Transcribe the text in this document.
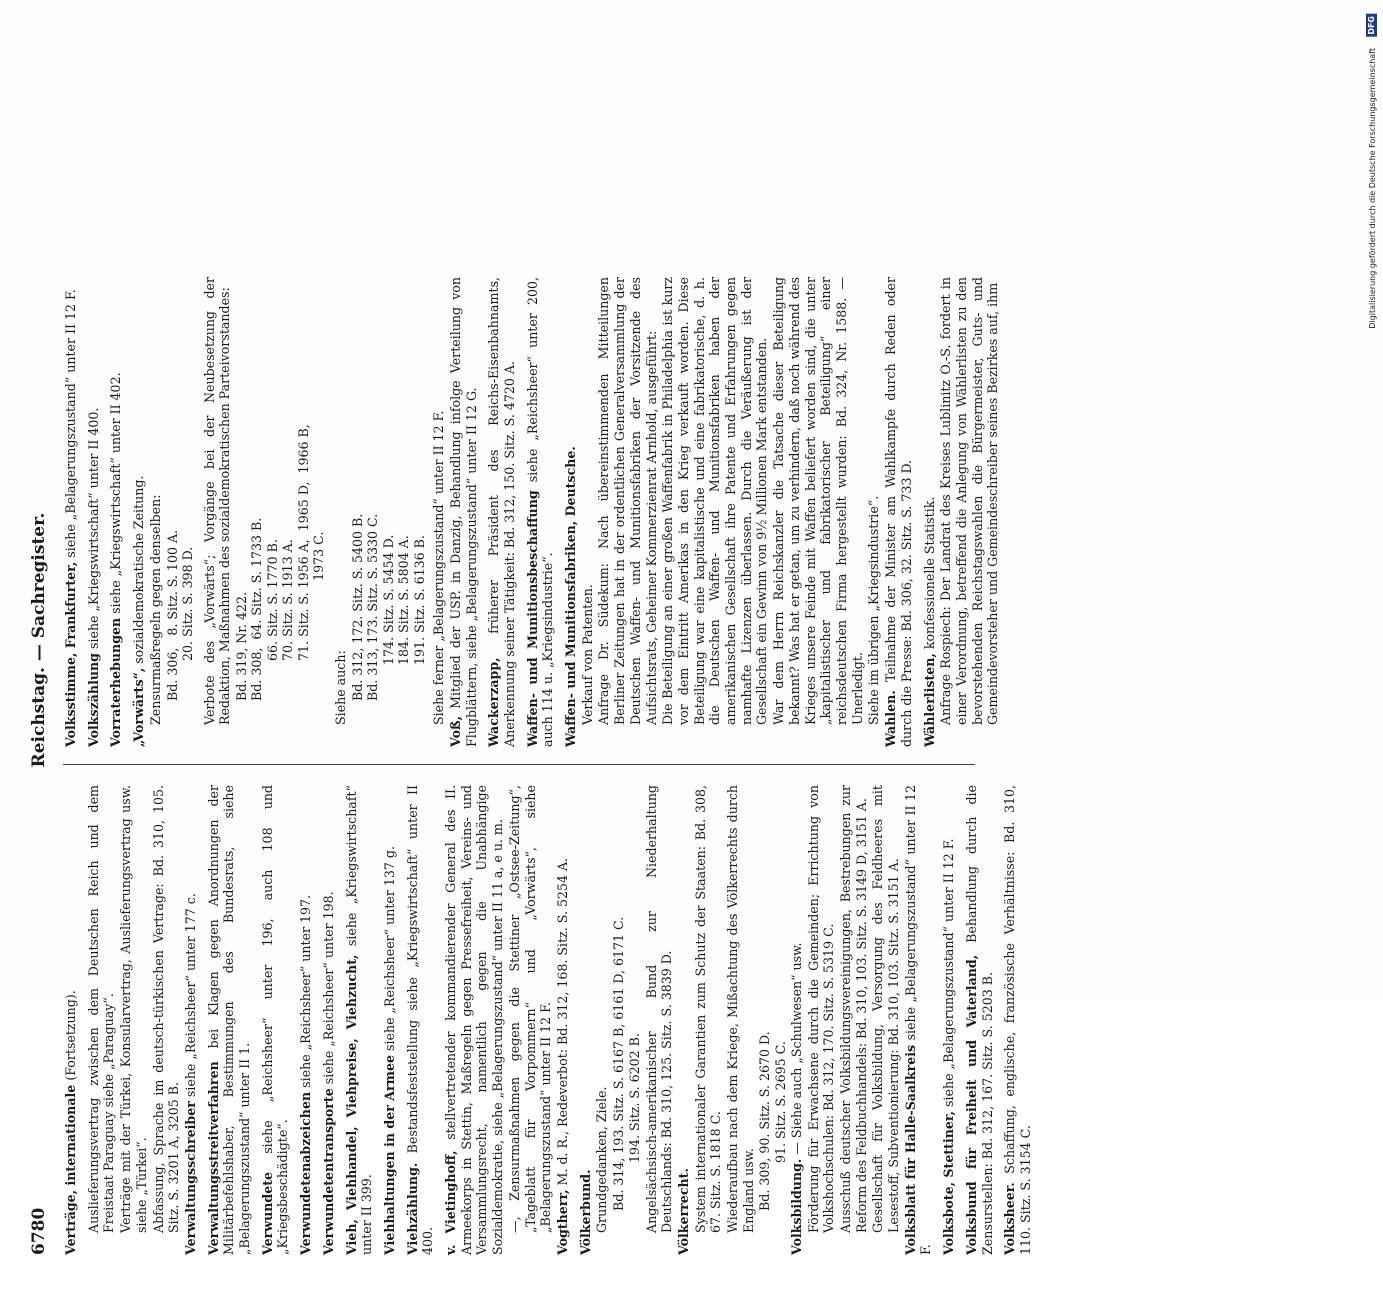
6780
Reichstag. — Sachregister.

Verträge, internationale (Fortsetzung). Auslieferungsvertrag zwischen dem Deutschen Reich und dem Freistaat Paraguay siehe „Paraguay“. Verträge mit der Türkei, Konsularvertrag, Auslieferungsvertrag usw. siehe „Türkei“. Abfassung, Sprache im deutsch-türkischen Vertrage: Bd. 310, 105. Sitz. S. 3201 A, 3205 B. Verwaltungsschreiber siehe „Reichsheer“ unter 177 c.

Verwaltungsstreitverfahren bei Klagen gegen Anordnungen der Militärbefehlshaber, Bestimmungen des Bundesrats, siehe „Belagerungszustand“ unter II 1. Verwundete siehe „Reichsheer“ unter 196, auch 108 und „Kriegsbeschädigte“. Verwundetenabzeichen siehe „Reichsheer“ unter 197.

Verwundetentransporte siehe „Reichsheer“ unter 198. Vieh, Viehhandel, Viehpreise, Viehzucht, siehe „Kriegswirtschaft“ unter II 399. Viehhaltungen in der Armee siehe „Reichsheer“ unter 137 g.

Viehzählung. Bestandsfeststellung siehe „Kriegswirtschaft“ unter II 400. v. Vietinghoff, stellvertretender kommandierender General des II. Armeekorps in Stettin, Maßregeln gegen Pressefreiheit, Vereins- und Versammlungsrecht, namentlich gegen die Unabhängige Sozialdemokratie, siehe „Belagerungszustand“ unter II 11 a, e u. m. —, Zensurmaßnahmen gegen die Stettiner „Ostsee-Zeitung“, „Tageblatt für Vorpommern“ und „Vorwärts“, siehe „Belagerungszustand“ unter II 12 F. Vogtherr, M. d. R., Redeverbot: Bd. 312, 168. Sitz. S. 5254 A.

Völkerbund. Grundgedanken, Ziele. Bd. 314, 193. Sitz. S. 6167 B, 6161 D, 6171 C. 194. Sitz. S. 6202 B. Angelsächsisch-amerikanischer Bund zur Niederhaltung Deutschlands: Bd. 310, 125. Sitz. S. 3839 D. Völkerrecht. System internationaler Garantien zum Schutz der Staaten: Bd. 308, 67. Sitz. S. 1818 C. Wiederaufbau nach dem Kriege, Mißachtung des Völkerrechts durch England usw. Bd. 309, 90. Sitz. S. 2670 D. 91. Sitz. S. 2695 C.

Volksbildung. — Siehe auch „Schulwesen“ usw. Förderung für Erwachsene durch die Gemeinden; Errichtung von Volkshochschulen: Bd. 312, 170. Sitz. S. 5319 C. Ausschuß deutscher Volksbildungsvereinigungen, Bestrebungen zur Reform des Feldbuchhandels: Bd. 310, 103. Sitz. S. 3149 D, 3151 A. Gesellschaft für Volksbildung, Versorgung des Feldheeres mit Lesestoff, Subventionierung: Bd. 310, 103. Sitz. S. 3151 A. Volksblatt für Halle-Saalkreis siehe „Belagerungszustand“ unter II 12 F. Volksbote, Stettiner, siehe „Belagerungszustand“ unter II 12 F. Volksbund für Freiheit und Vaterland, Behandlung durch die Zensurstellen: Bd. 312, 167. Sitz. S. 5203 B. Volksheer. Schaffung, englische, französische Verhältnisse: Bd. 310, 110. Sitz. S. 3154 C.

Volksstimme, Frankfurter, siehe „Belagerungszustand“ unter II 12 F.

Volkszählung siehe „Kriegswirtschaft“ unter II 400.

Vorraterhebungen siehe „Kriegswirtschaft“ unter II 402.

„Vorwärts“, sozialdemokratische Zeitung. Zensurmaßregeln gegen denselben: Bd. 306,   8. Sitz. S. 100 A. 20. Sitz. S. 398 D. Verbote des „Vorwärts“; Vorgänge bei der Neubesetzung der Redaktion, Maßnahmen des sozialdemokratischen Parteivorstandes: Bd. 319, Nr. 422. Bd. 308,  64. Sitz. S. 1733 B. 66. Sitz. S. 1770 B. 70. Sitz. S. 1913 A. 71. Sitz. S. 1956 A,  1965 D,  1966 B, 1973 C. Siehe auch: Bd. 312, 172. Sitz. S. 5400 B. Bd. 313, 173. Sitz. S. 5330 C. 174. Sitz. S. 5454 D. 184. Sitz. S. 5804 A. 191. Sitz. S. 6136 B. Siehe ferner „Belagerungszustand“ unter II 12 F.

Voß, Mitglied der USP. in Danzig, Behandlung infolge Verteilung von Flugblättern, siehe „Belagerungszustand“ unter II 12 G. Wackerzapp, früherer Präsident des Reichs-Eisenbahnamts, Anerkennung seiner Tätigkeit: Bd. 312, 150. Sitz. S. 4720 A. Waffen- und Munitionsbeschaffung siehe „Reichsheer“ unter 200, auch 114 u. „Kriegsindustrie“. Waffen- und Munitionsfabriken, Deutsche. Verkauf von Patenten. Anfrage Dr. Südekum: Nach übereinstimmenden Mitteilungen Berliner Zeitungen hat in der ordentlichen Generalversammlung der Deutschen Waffen- und Munitionsfabriken der Vorsitzende des Aufsichtsrats, Geheimer Kommerzienrat Arnhold, ausgeführt: Die Beteiligung an einer großen Waffenfabrik in Philadelphia ist kurz vor dem Eintritt Amerikas in den Krieg verkauft worden. Diese Beteiligung war eine kapitalistische und eine fabrikatorische, d. h. die Deutschen Waffen- und Munitionsfabriken haben der amerikanischen Gesellschaft ihre Patente und Erfahrungen gegen namhafte Lizenzen überlassen. Durch die Veräußerung ist der Gesellschaft ein Gewinn von 9½ Millionen Mark entstanden. War dem Herrn Reichskanzler die Tatsache dieser Beteiligung bekannt? Was hat er getan, um zu verhindern, daß noch während des Krieges unsere Feinde mit Waffen beliefert worden sind, die unter „kapitalistischer und fabrikatorischer Beteiligung“ einer reichsdeutschen Firma hergestellt wurden: Bd. 324, Nr. 1588. — Unerledigt. Siehe im übrigen „Kriegsindustrie“. Wahlen. Teilnahme der Minister am Wahlkampfe durch Reden oder durch die Presse: Bd. 306, 32. Sitz. S. 733 D. Wählerlisten, konfessionelle Statistik. Anfrage Rospiech: Der Landrat des Kreises Lublinitz O.-S. fordert in einer Verordnung, betreffend die Anlegung von Wählerlisten zu den bevorstehenden Reichstagswahlen die Bürgermeister, Guts- und Gemeindevorsteher und Gemeindeschreiber seines Bezirkes auf, ihm

DFG
Digitalisierung gefördert durch die Deutsche Forschungsgemeinschaft
